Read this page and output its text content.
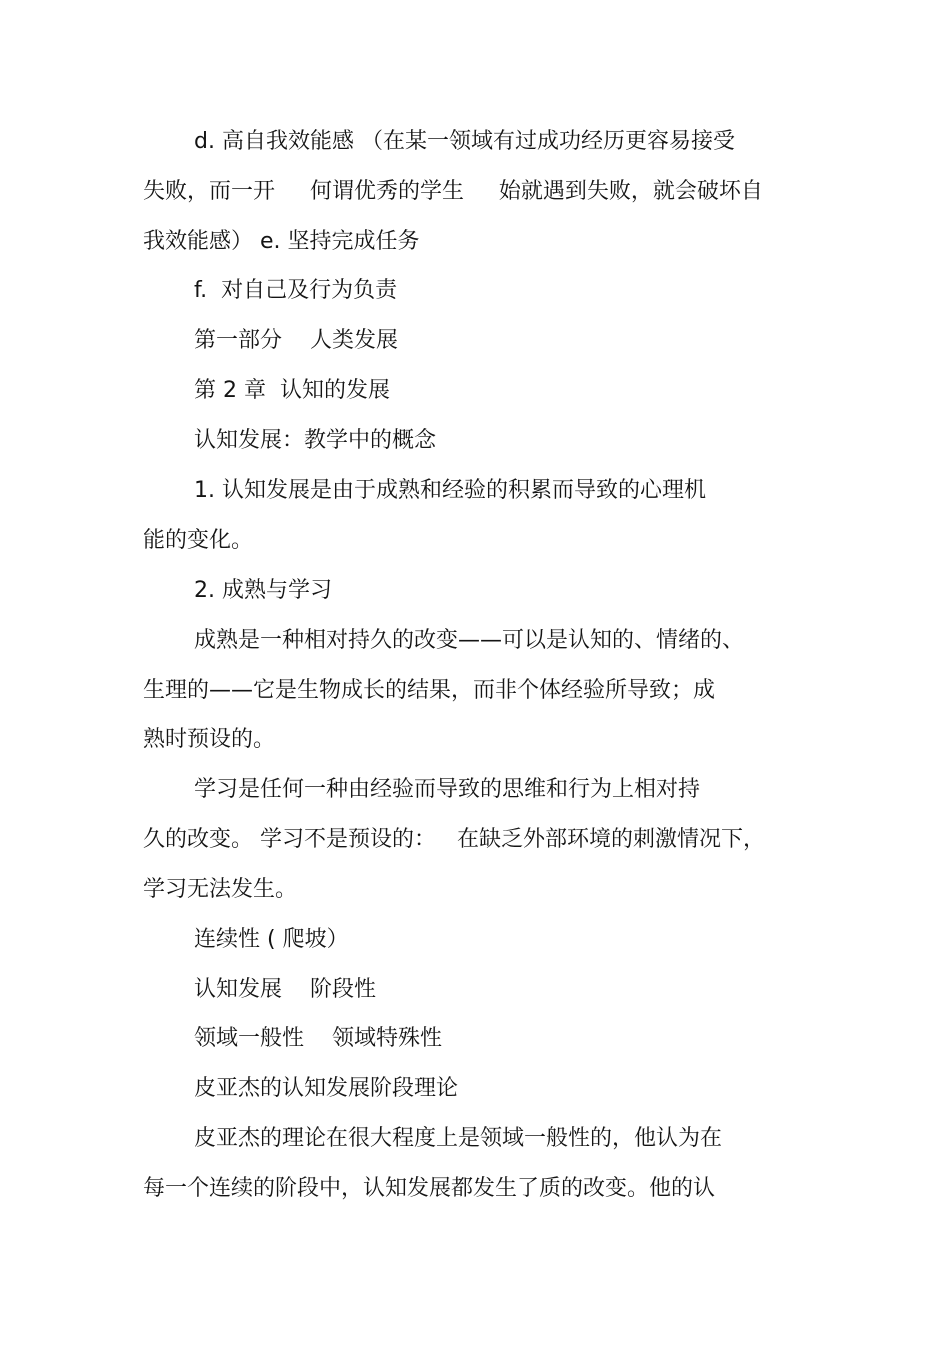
d. 高自我效能感 （在某一领域有过成功经历更容易接受
失败，而一开     何谓优秀的学生     始就遇到失败，就会破坏自
我效能感） e. 坚持完成任务
f.  对自己及行为负责
第一部分    人类发展
第 2 章  认知的发展
认知发展：教学中的概念
1. 认知发展是由于成熟和经验的积累而导致的心理机
能的变化。
2. 成熟与学习
成熟是一种相对持久的改变——可以是认知的、情绪的、
生理的——它是生物成长的结果，而非个体经验所导致；成
熟时预设的。
学习是任何一种由经验而导致的思维和行为上相对持
久的改变。 学习不是预设的：   在缺乏外部环境的刺激情况下，
学习无法发生。
连续性 ( 爬坡）
认知发展    阶段性
领域一般性    领域特殊性
皮亚杰的认知发展阶段理论
皮亚杰的理论在很大程度上是领域一般性的，他认为在
每一个连续的阶段中，认知发展都发生了质的改变。他的认
